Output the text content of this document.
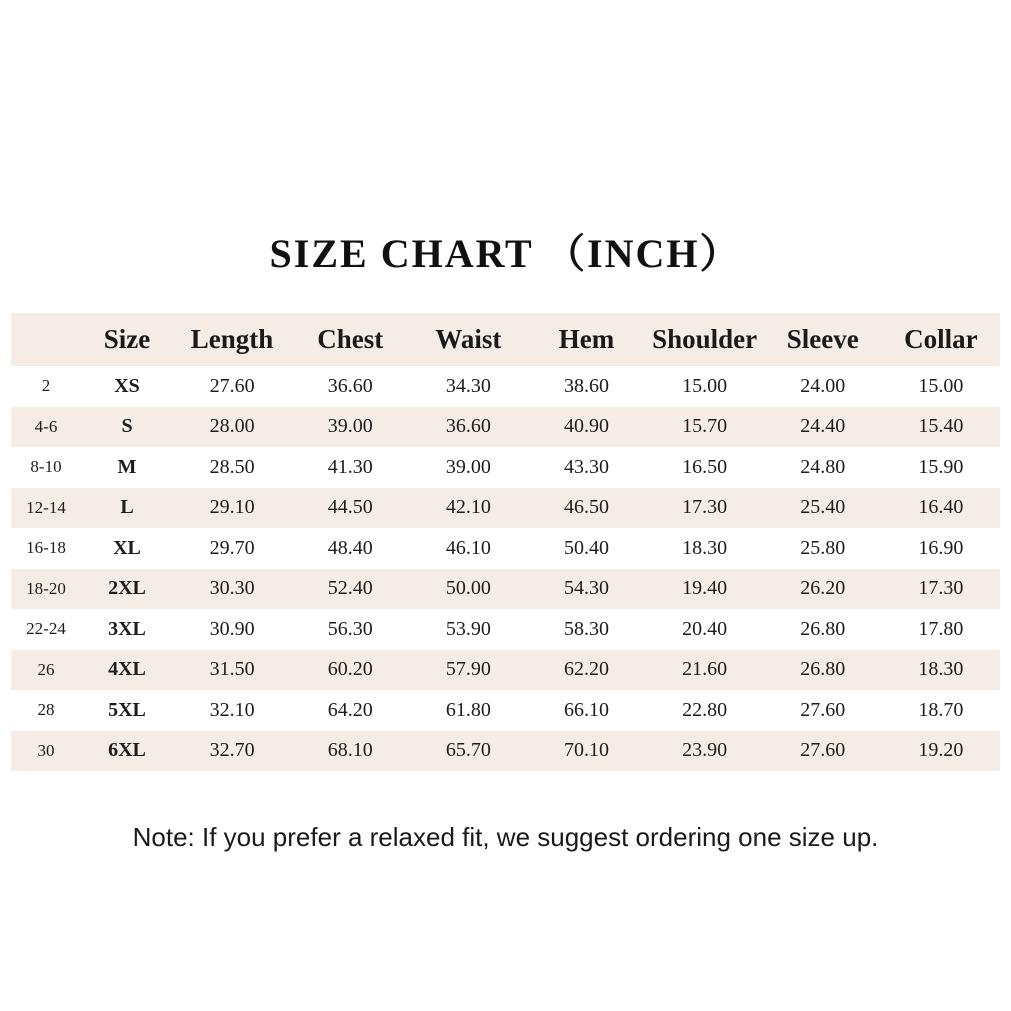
SIZE CHART （INCH）
	Size	Length	Chest	Waist	Hem	Shoulder	Sleeve	Collar
2	XS	27.60	36.60	34.30	38.60	15.00	24.00	15.00
4-6	S	28.00	39.00	36.60	40.90	15.70	24.40	15.40
8-10	M	28.50	41.30	39.00	43.30	16.50	24.80	15.90
12-14	L	29.10	44.50	42.10	46.50	17.30	25.40	16.40
16-18	XL	29.70	48.40	46.10	50.40	18.30	25.80	16.90
18-20	2XL	30.30	52.40	50.00	54.30	19.40	26.20	17.30
22-24	3XL	30.90	56.30	53.90	58.30	20.40	26.80	17.80
26	4XL	31.50	60.20	57.90	62.20	21.60	26.80	18.30
28	5XL	32.10	64.20	61.80	66.10	22.80	27.60	18.70
30	6XL	32.70	68.10	65.70	70.10	23.90	27.60	19.20
Note: If you prefer a relaxed fit, we suggest ordering one size up.
